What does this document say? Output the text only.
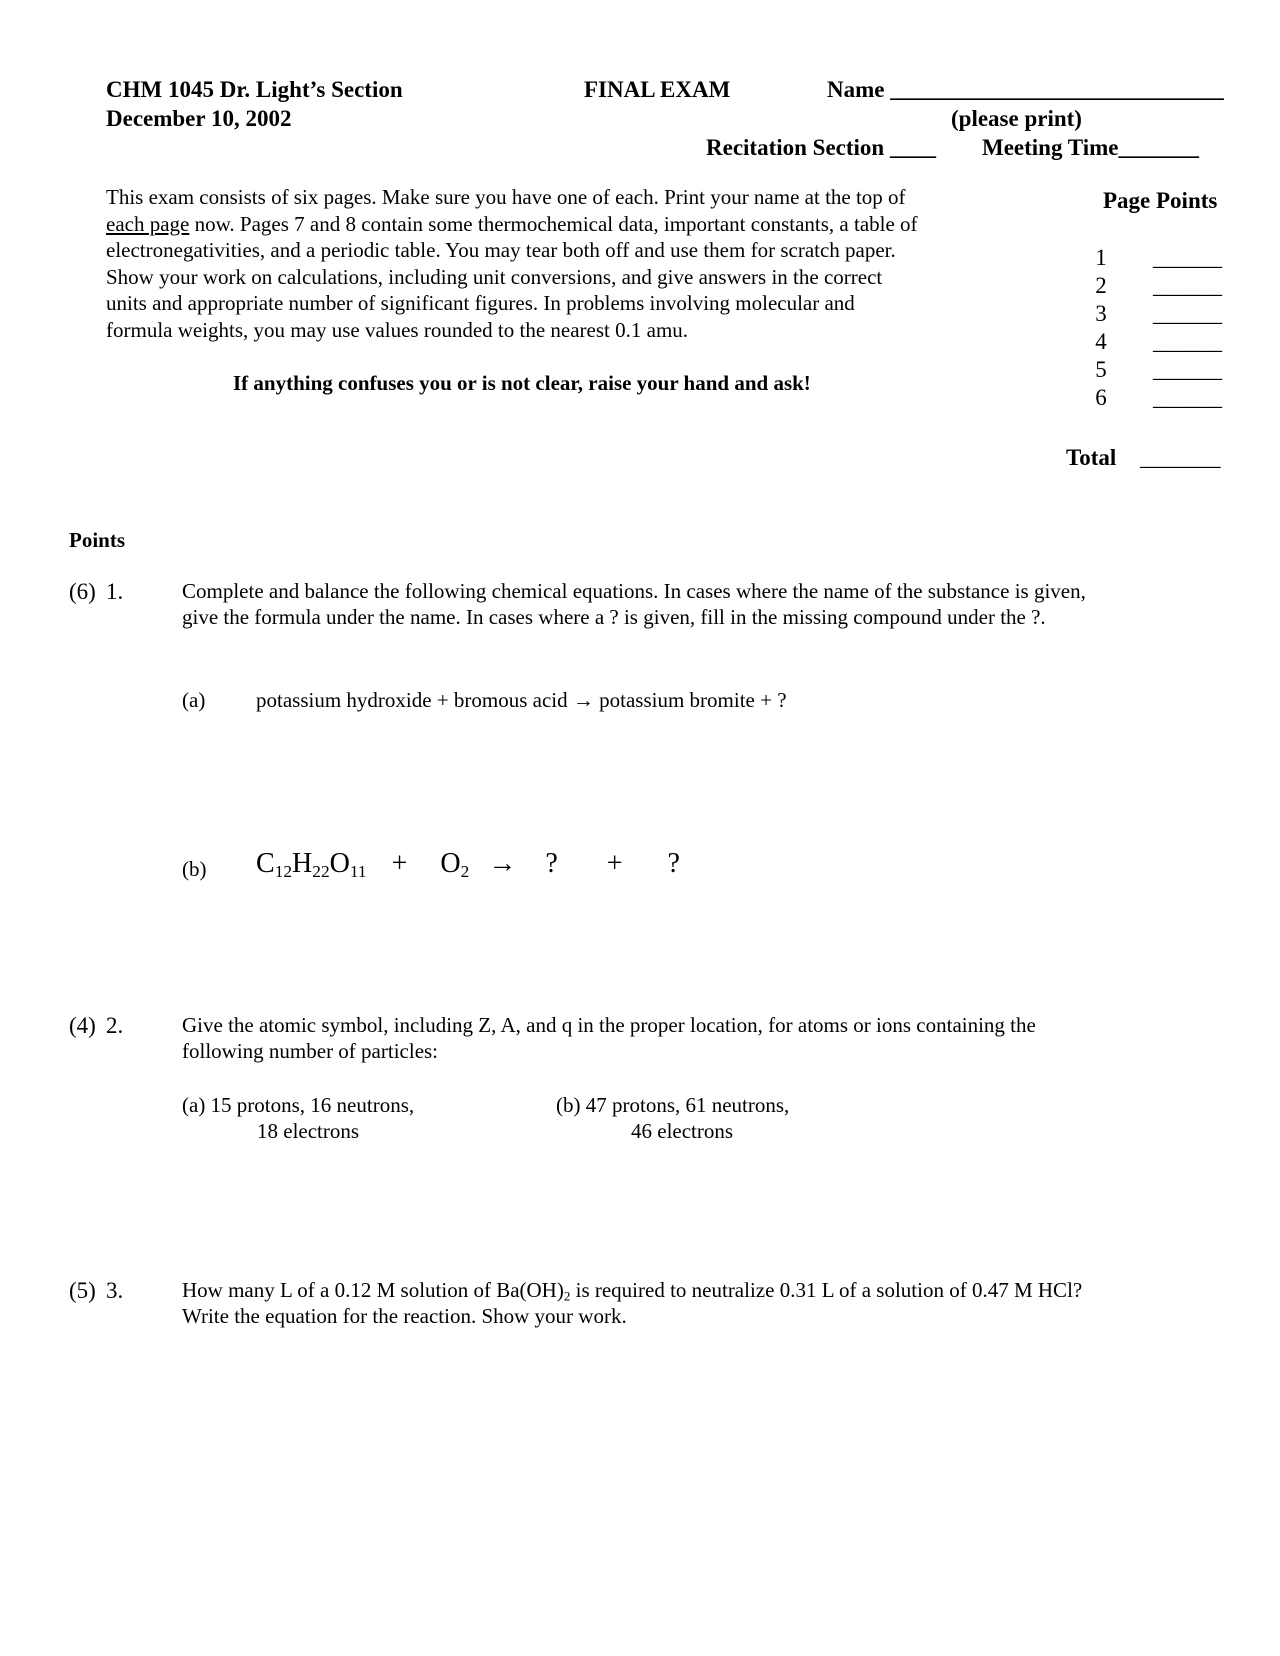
CHM 1045 Dr. Light’s Section
December 10, 2002
FINAL EXAM	Name _____________________________
(please print)
Recitation Section ____ Meeting Time_______
This exam consists of six pages. Make sure you have one of each. Print your name at the top of
each page now. Pages 7 and 8 contain some thermochemical data, important constants, a table of
electronegativities, and a periodic table. You may tear both off and use them for scratch paper.
Show your work on calculations, including unit conversions, and give answers in the correct
units and appropriate number of significant figures. In problems involving molecular and
formula weights, you may use values rounded to the nearest 0.1 amu.
If anything confuses you or is not clear, raise your hand and ask!
Page Points
1 ______
2 ______
3 ______
4 ______
5 ______
6 ______
Total _______
Points
(6) 1.	Complete and balance the following chemical equations. In cases where the name of the substance is given,
give the formula under the name. In cases where a ? is given, fill in the missing compound under the ?.
(a) potassium hydroxide + bromous acid → potassium bromite + ?
(b) $C_{12}H_{22}O_{11} + O_2$ → ? + ?
(4) 2.	Give the atomic symbol, including Z, A, and q in the proper location, for atoms or ions containing the
following number of particles:
(a) 15 protons, 16 neutrons,
18 electrons
(b) 47 protons, 61 neutrons,
46 electrons
(5) 3.	How many L of a 0.12 M solution of $Ba(OH)_2$ is required to neutralize 0.31 L of a solution of 0.47 M HCl?
Write the equation for the reaction. Show your work.
